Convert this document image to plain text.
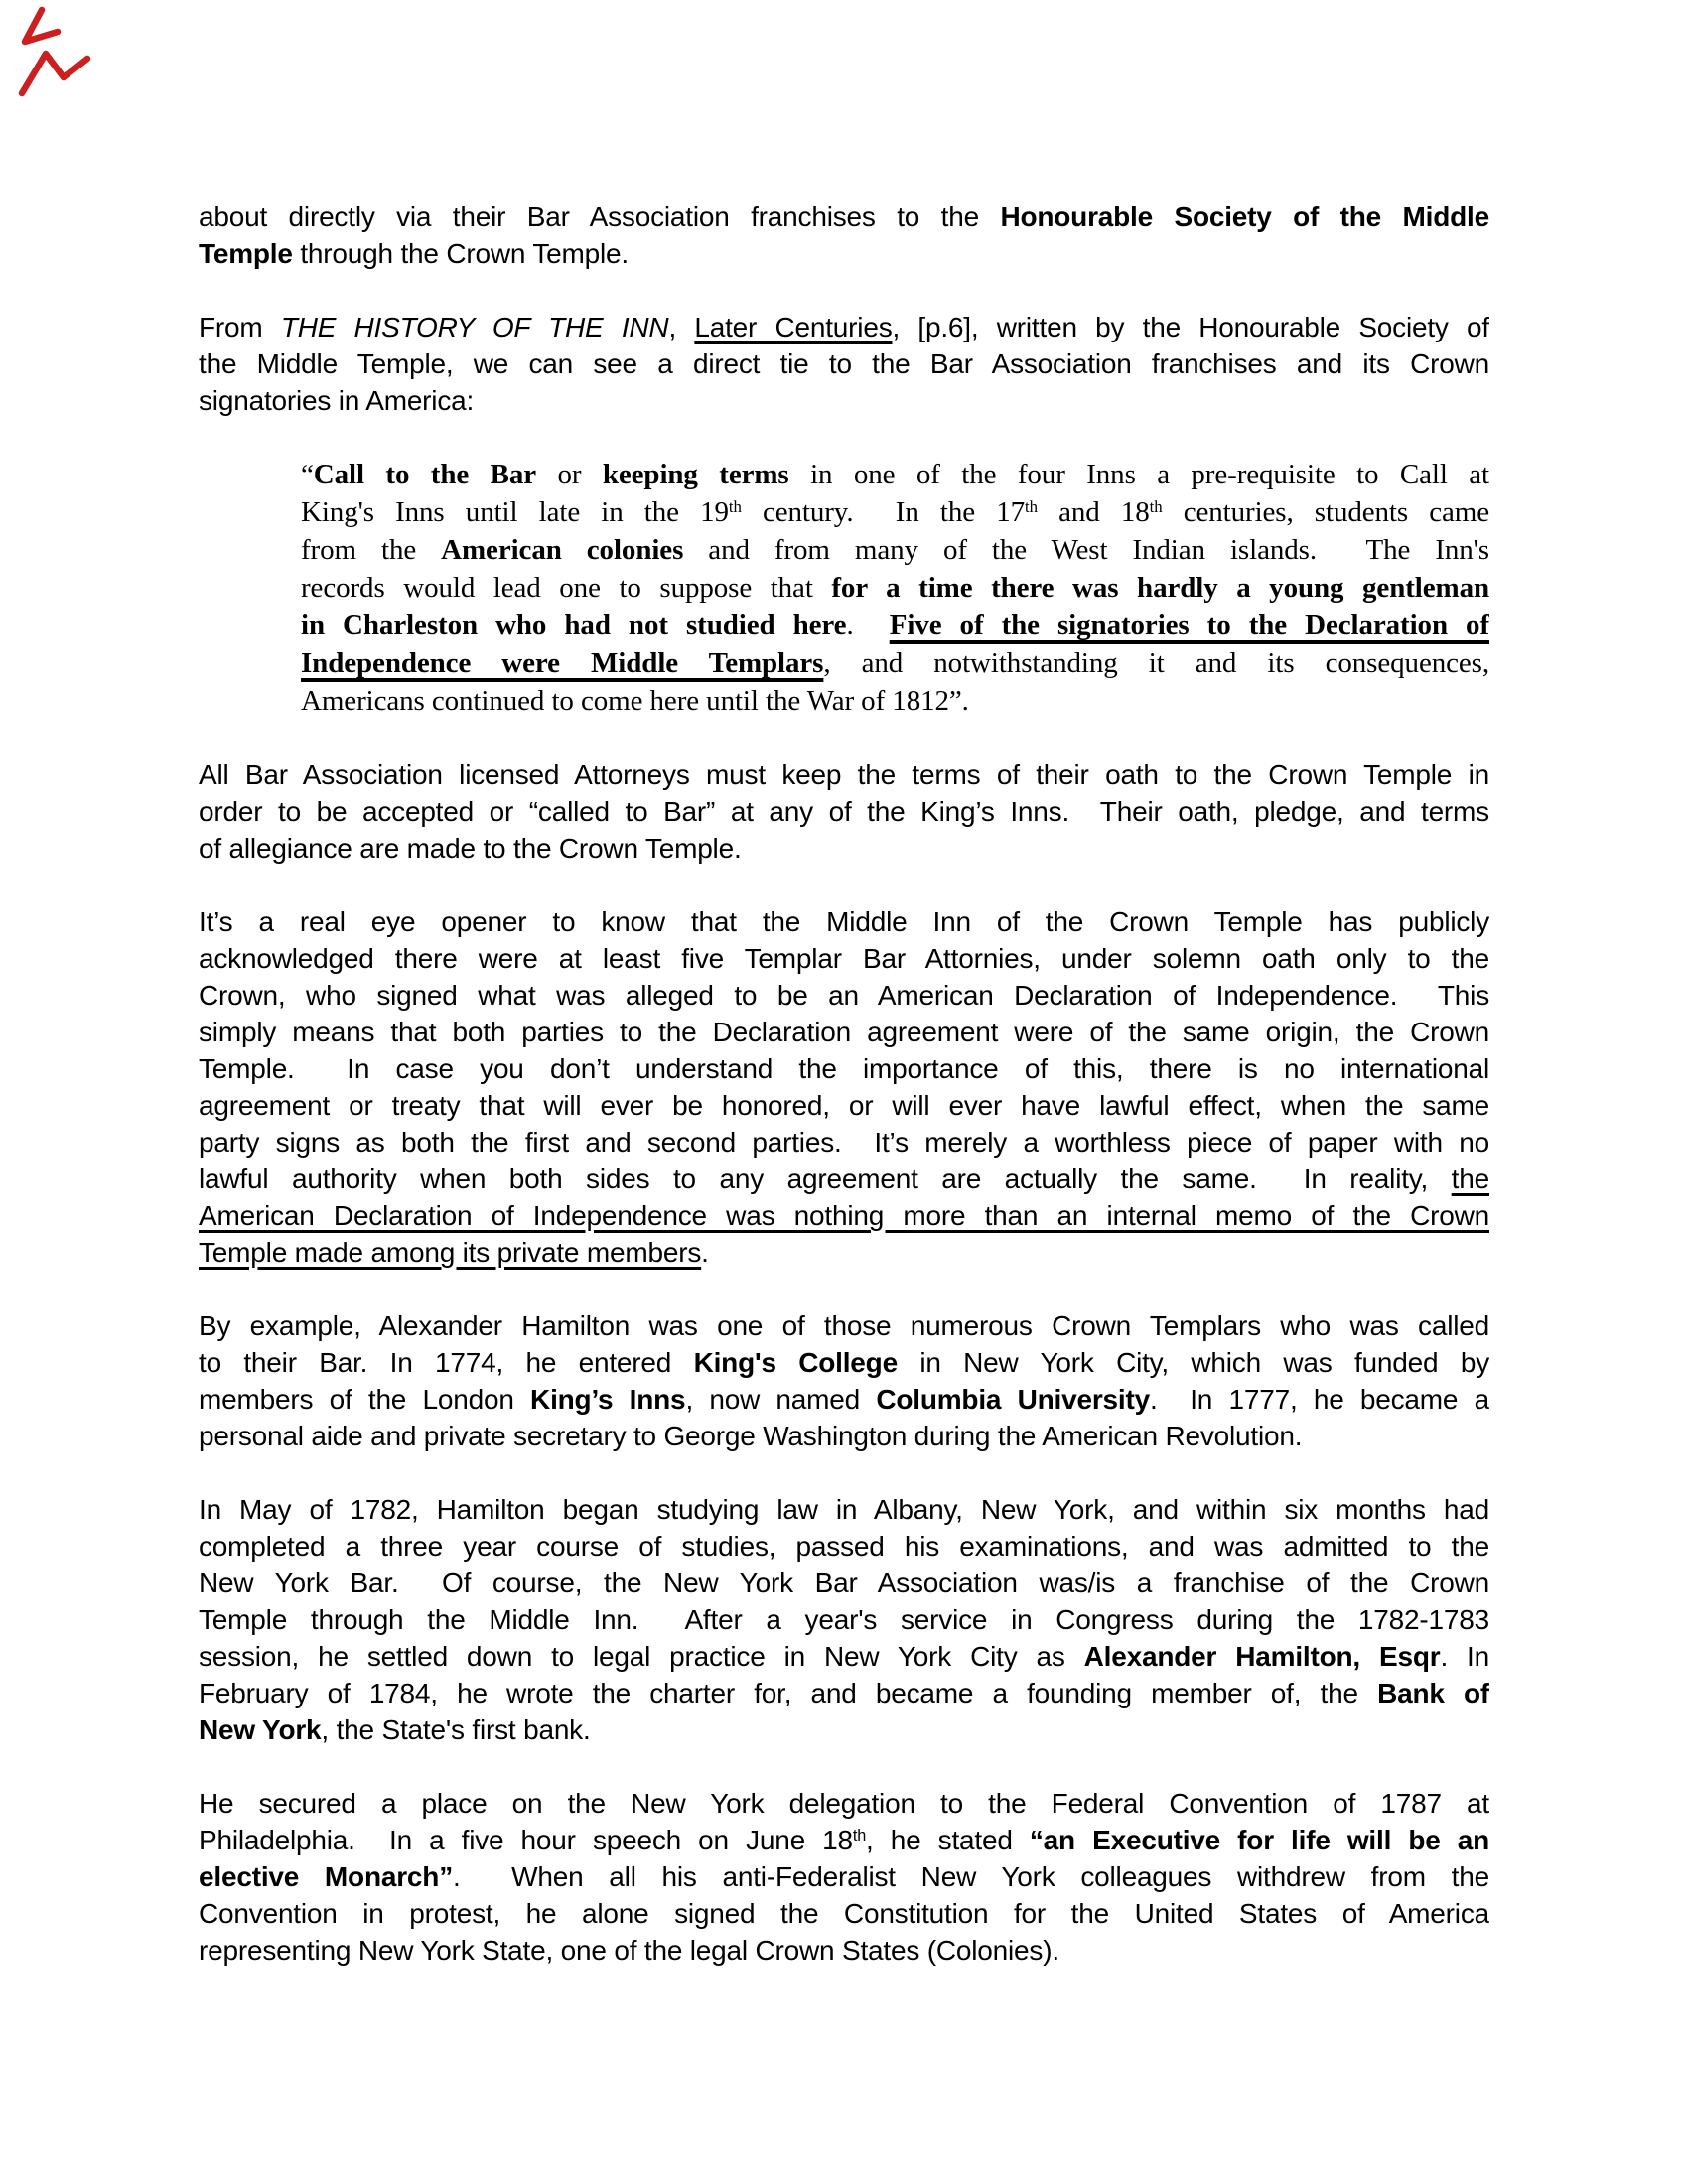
about directly via their Bar Association franchises to the Honourable Society of the Middle
Temple through the Crown Temple.
From THE HISTORY OF THE INN, Later Centuries, [p.6], written by the Honourable Society of
the Middle Temple, we can see a direct tie to the Bar Association franchises and its Crown
signatories in America:
“Call to the Bar or keeping terms in one of the four Inns a pre-requisite to Call at
King's Inns until late in the 19th century.  In the 17th and 18th centuries, students came
from the American colonies and from many of the West Indian islands.  The Inn's
records would lead one to suppose that for a time there was hardly a young gentleman
in Charleston who had not studied here.  Five of the signatories to the Declaration of
Independence were Middle Templars, and notwithstanding it and its consequences,
Americans continued to come here until the War of 1812”.
All Bar Association licensed Attorneys must keep the terms of their oath to the Crown Temple in
order to be accepted or “called to Bar” at any of the King’s Inns.  Their oath, pledge, and terms
of allegiance are made to the Crown Temple.
It’s a real eye opener to know that the Middle Inn of the Crown Temple has publicly
acknowledged there were at least five Templar Bar Attornies, under solemn oath only to the
Crown, who signed what was alleged to be an American Declaration of Independence.  This
simply means that both parties to the Declaration agreement were of the same origin, the Crown
Temple.  In case you don’t understand the importance of this, there is no international
agreement or treaty that will ever be honored, or will ever have lawful effect, when the same
party signs as both the first and second parties.  It’s merely a worthless piece of paper with no
lawful authority when both sides to any agreement are actually the same.  In reality, the
American Declaration of Independence was nothing more than an internal memo of the Crown
Temple made among its private members.
By example, Alexander Hamilton was one of those numerous Crown Templars who was called
to their Bar. In 1774, he entered King's College in New York City, which was funded by
members of the London King’s Inns, now named Columbia University.  In 1777, he became a
personal aide and private secretary to George Washington during the American Revolution.
In May of 1782, Hamilton began studying law in Albany, New York, and within six months had
completed a three year course of studies, passed his examinations, and was admitted to the
New York Bar.  Of course, the New York Bar Association was/is a franchise of the Crown
Temple through the Middle Inn.  After a year's service in Congress during the 1782-1783
session, he settled down to legal practice in New York City as Alexander Hamilton, Esqr. In
February of 1784, he wrote the charter for, and became a founding member of, the Bank of
New York, the State's first bank.
He secured a place on the New York delegation to the Federal Convention of 1787 at
Philadelphia.  In a five hour speech on June 18th, he stated “an Executive for life will be an
elective Monarch”.  When all his anti-Federalist New York colleagues withdrew from the
Convention in protest, he alone signed the Constitution for the United States of America
representing New York State, one of the legal Crown States (Colonies).
